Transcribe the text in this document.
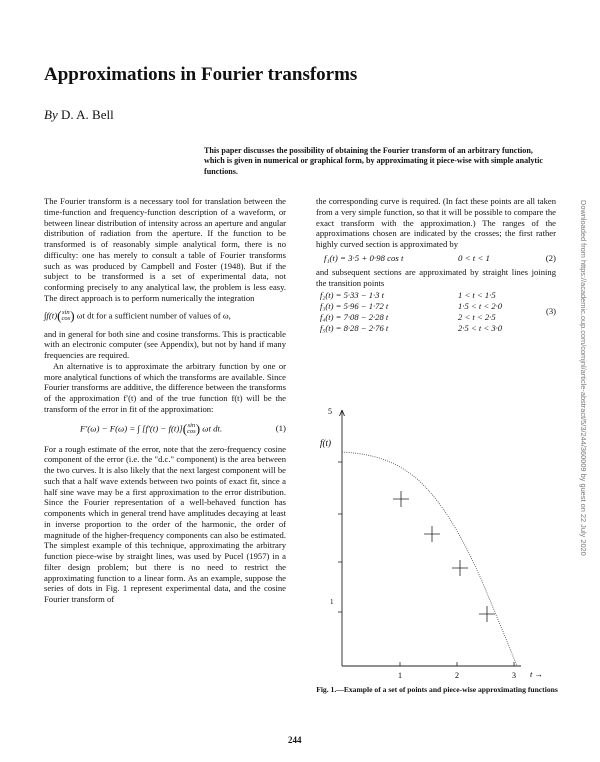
Approximations in Fourier transforms
By D. A. Bell
This paper discusses the possibility of obtaining the Fourier transform of an arbitrary function, which is given in numerical or graphical form, by approximating it piece-wise with simple analytic functions.

The Fourier transform is a necessary tool for translation between the time-function and frequency-function description of a waveform, or between linear distribution of intensity across an aperture and angular distribution of radiation from the aperture. If the function to be transformed is of reasonably simple analytical form, there is no difficulty: one has merely to consult a table of Fourier transforms such as was produced by Campbell and Foster (1948). But if the subject to be transformed is a set of experimental data, not conforming precisely to any analytical law, the problem is less easy. The direct approach is to perform numerically the integration

∫f(t)(sin
cos) ωt dt for a sufficient number of values of ω,

and in general for both sine and cosine transforms. This is practicable with an electronic computer (see Appendix), but not by hand if many frequencies are required.

An alternative is to approximate the arbitrary function by one or more analytical functions of which the transforms are available. Since Fourier transforms are additive, the difference between the transforms of the approximation f′(t) and of the true function f(t) will be the transform of the error in fit of the approximation:

F′(ω) − F(ω) = ∫ [f′(t) − f(t)](sin
cos) ωt dt.	(1)

For a rough estimate of the error, note that the zero-frequency cosine component of the error (i.e. the "d.c." component) is the area between the two curves. It is also likely that the next largest component will be such that a half wave extends between two points of exact fit, since a half sine wave may be a first approximation to the error distribution. Since the Fourier representation of a well-behaved function has components which in general trend have amplitudes decaying at least in inverse proportion to the order of the harmonic, the order of magnitude of the higher-frequency components can also be estimated. The simplest example of this technique, approximating the arbitrary function piece-wise by straight lines, was used by Pucel (1957) in a filter design problem; but there is no need to restrict the approximating function to a linear form. As an example, suppose the series of dots in Fig. 1 represent experimental data, and the cosine Fourier transform of

the corresponding curve is required. (In fact these points are all taken from a very simple function, so that it will be possible to compare the exact transform with the approximation.) The ranges of the approximations chosen are indicated by the crosses; the first rather highly curved section is approximated by

f₁(t) = 3·5 + 0·98 cos t	0 < t < 1	(2)

and subsequent sections are approximated by straight lines joining the transition points

f₂(t) = 5·33 − 1·3 t	1 < t < 1·5
f₃(t) = 5·96 − 1·72 t	1·5 < t < 2·0
f₄(t) = 7·08 − 2·28 t	2 < t < 2·5
f₅(t) = 8·28 − 2·76 t	2·5 < t < 3·0
(3)
5
f(t)
1
1	2	3 t →
Fig. 1.—Example of a set of points and piece-wise approximating functions
244
Downloaded from https://academic.oup.com/comjnl/article-abstract/5/3/244/360009 by guest on 22 July 2020
